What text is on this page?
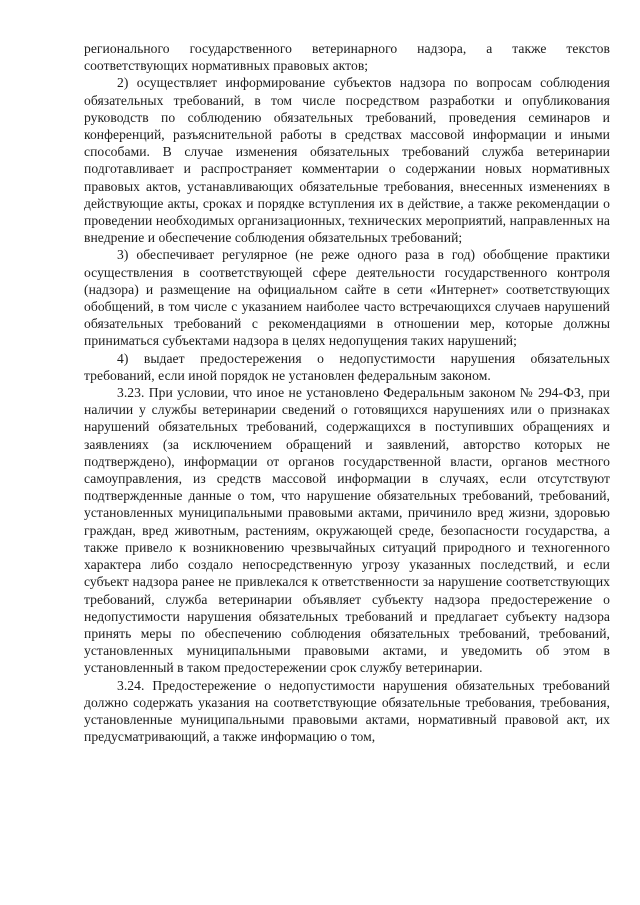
регионального государственного ветеринарного надзора, а также текстов соответствующих нормативных правовых актов;

2) осуществляет информирование субъектов надзора по вопросам соблюдения обязательных требований, в том числе посредством разработки и опубликования руководств по соблюдению обязательных требований, проведения семинаров и конференций, разъяснительной работы в средствах массовой информации и иными способами. В случае изменения обязательных требований служба ветеринарии подготавливает и распространяет комментарии о содержании новых нормативных правовых актов, устанавливающих обязательные требования, внесенных изменениях в действующие акты, сроках и порядке вступления их в действие, а также рекомендации о проведении необходимых организационных, технических мероприятий, направленных на внедрение и обеспечение соблюдения обязательных требований;

3) обеспечивает регулярное (не реже одного раза в год) обобщение практики осуществления в соответствующей сфере деятельности государственного контроля (надзора) и размещение на официальном сайте в сети «Интернет» соответствующих обобщений, в том числе с указанием наиболее часто встречающихся случаев нарушений обязательных требований с рекомендациями в отношении мер, которые должны приниматься субъектами надзора в целях недопущения таких нарушений;

4) выдает предостережения о недопустимости нарушения обязательных требований, если иной порядок не установлен федеральным законом.

3.23. При условии, что иное не установлено Федеральным законом № 294-ФЗ, при наличии у службы ветеринарии сведений о готовящихся нарушениях или о признаках нарушений обязательных требований, содержащихся в поступивших обращениях и заявлениях (за исключением обращений и заявлений, авторство которых не подтверждено), информации от органов государственной власти, органов местного самоуправления, из средств массовой информации в случаях, если отсутствуют подтвержденные данные о том, что нарушение обязательных требований, требований, установленных муниципальными правовыми актами, причинило вред жизни, здоровью граждан, вред животным, растениям, окружающей среде, безопасности государства, а также привело к возникновению чрезвычайных ситуаций природного и техногенного характера либо создало непосредственную угрозу указанных последствий, и если субъект надзора ранее не привлекался к ответственности за нарушение соответствующих требований, служба ветеринарии объявляет субъекту надзора предостережение о недопустимости нарушения обязательных требований и предлагает субъекту надзора принять меры по обеспечению соблюдения обязательных требований, требований, установленных муниципальными правовыми актами, и уведомить об этом в установленный в таком предостережении срок службу ветеринарии.

3.24. Предостережение о недопустимости нарушения обязательных требований должно содержать указания на соответствующие обязательные требования, требования, установленные муниципальными правовыми актами, нормативный правовой акт, их предусматривающий, а также информацию о том,
